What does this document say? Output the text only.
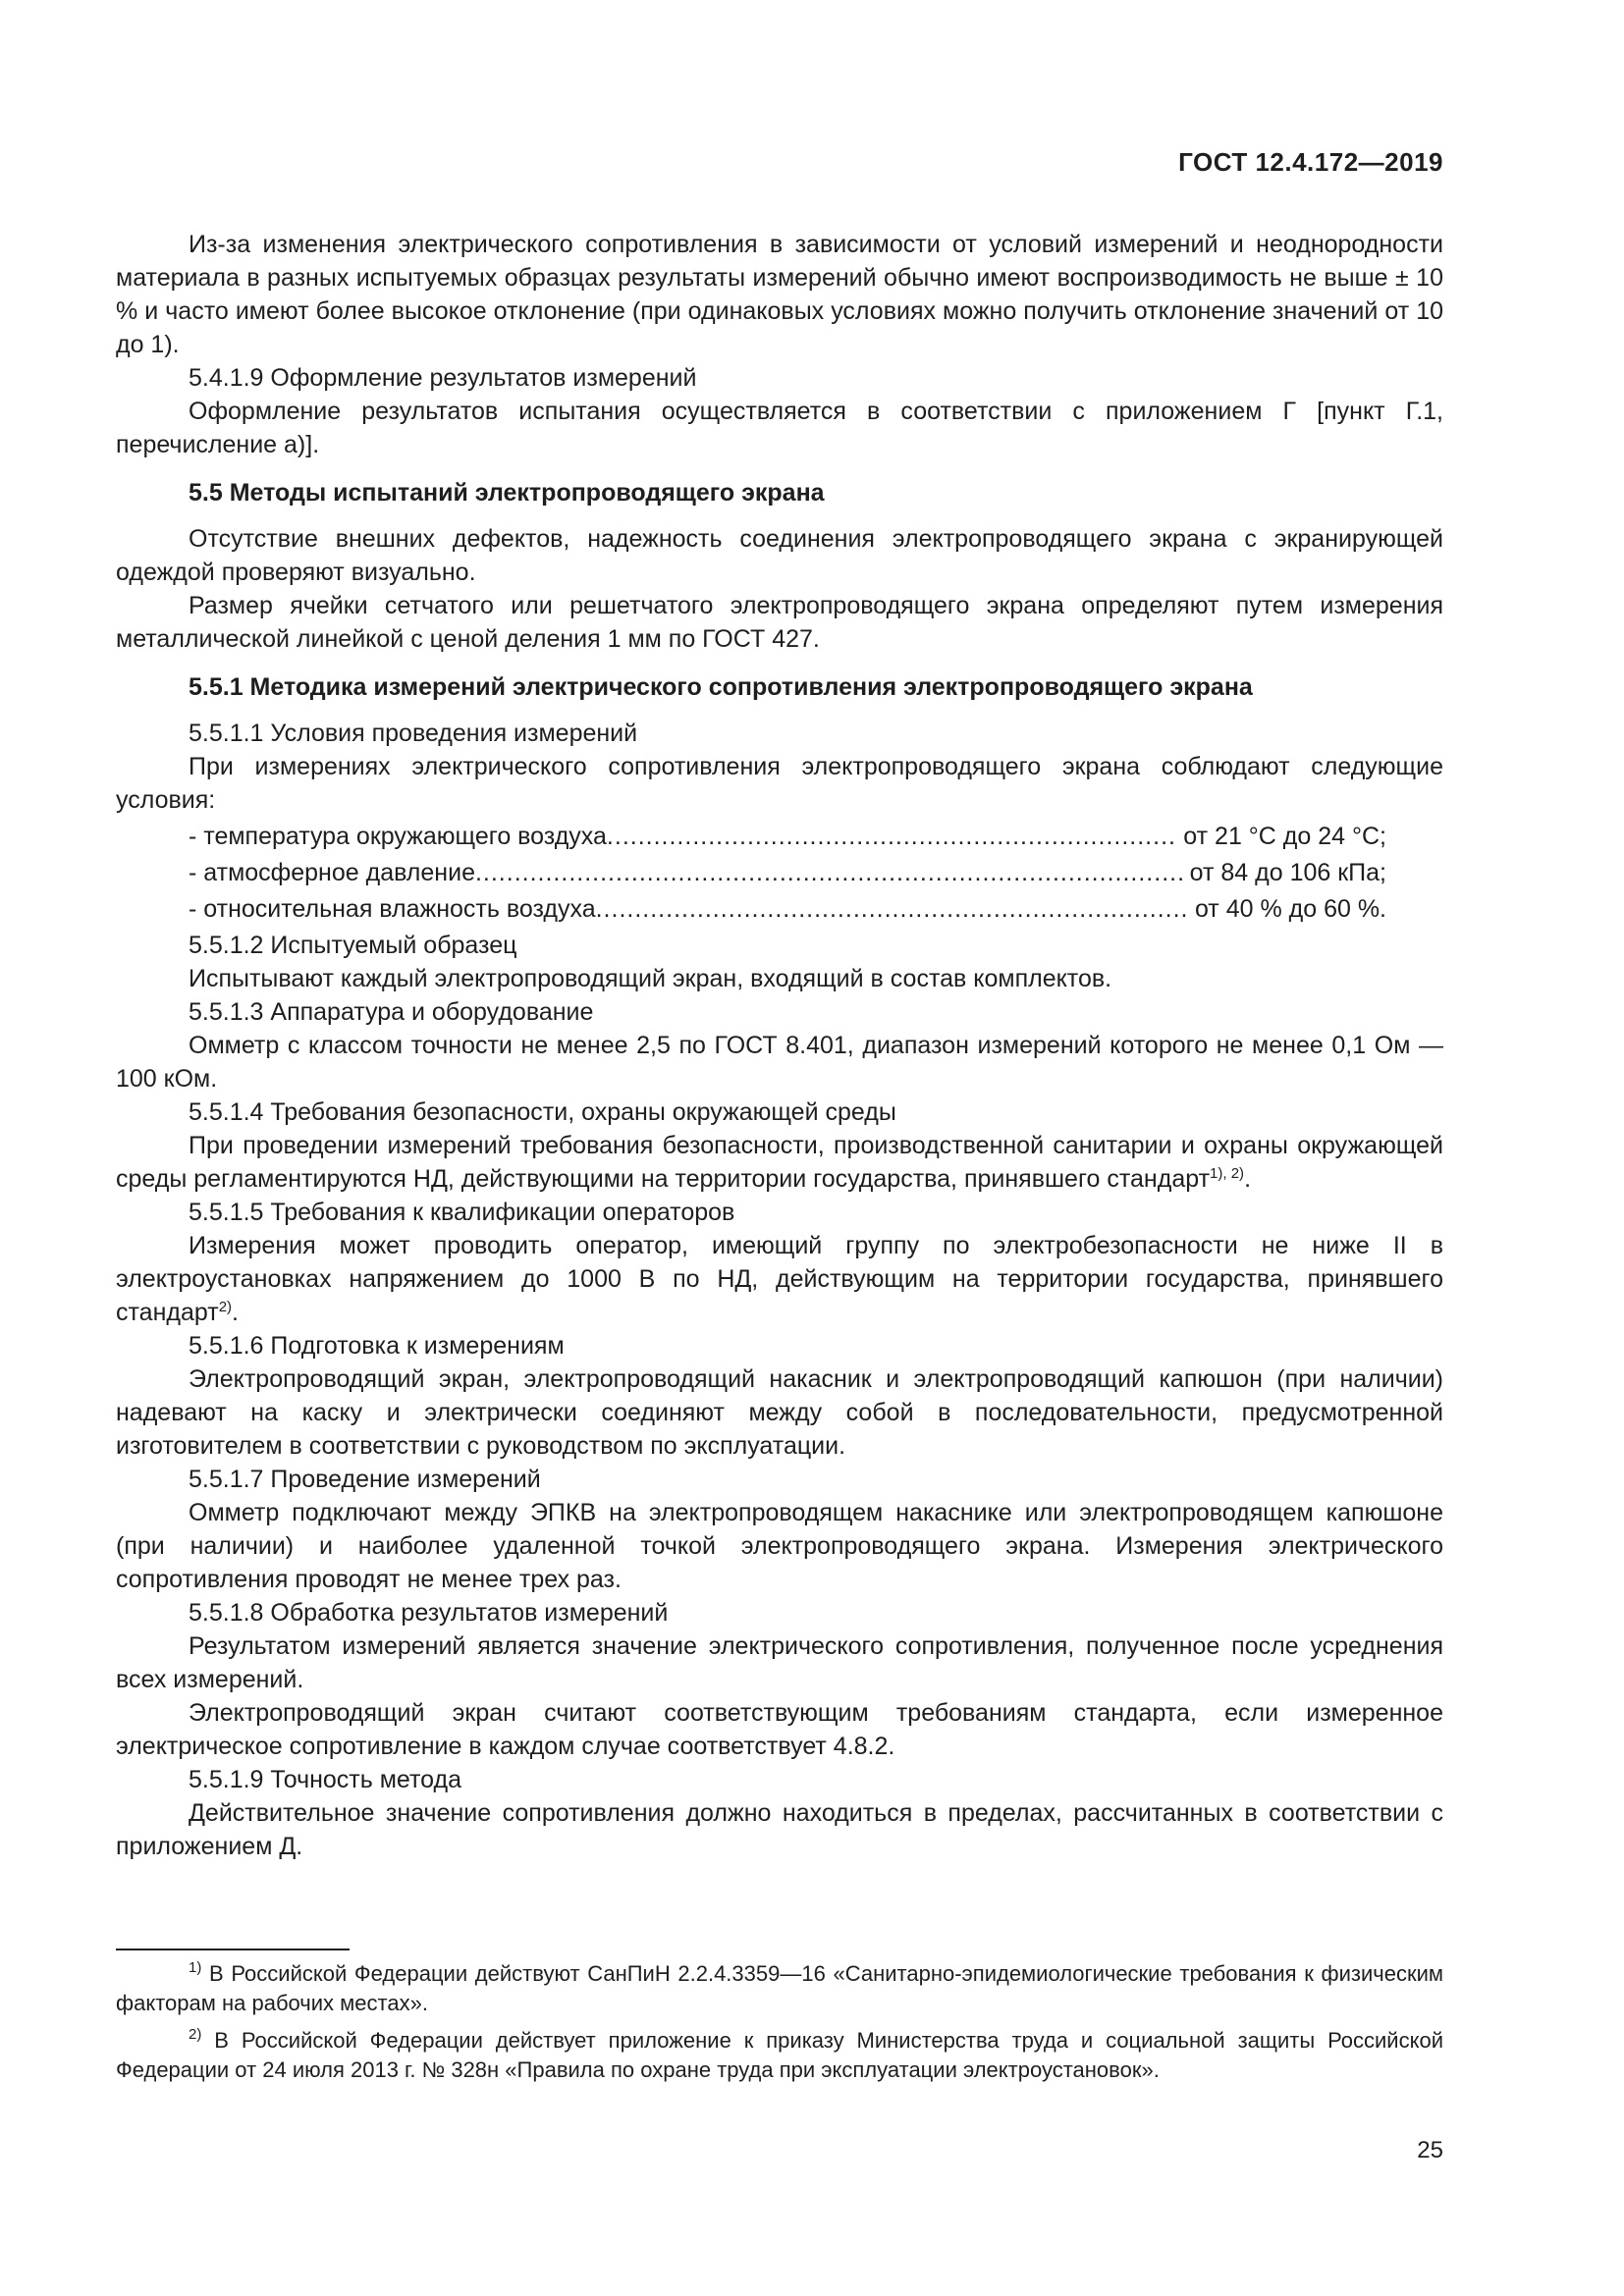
ГОСТ 12.4.172—2019

Из-за изменения электрического сопротивления в зависимости от условий измерений и неоднородности материала в разных испытуемых образцах результаты измерений обычно имеют воспроизводимость не выше ± 10 % и часто имеют более высокое отклонение (при одинаковых условиях можно получить отклонение значений от 10 до 1).

5.4.1.9 Оформление результатов измерений

Оформление результатов испытания осуществляется в соответствии с приложением Г [пункт Г.1, перечисление а)].

5.5 Методы испытаний электропроводящего экрана

Отсутствие внешних дефектов, надежность соединения электропроводящего экрана с экранирующей одеждой проверяют визуально.

Размер ячейки сетчатого или решетчатого электропроводящего экрана определяют путем измерения металлической линейкой с ценой деления 1 мм по ГОСТ 427.

5.5.1 Методика измерений электрического сопротивления электропроводящего экрана

5.5.1.1 Условия проведения измерений

При измерениях электрического сопротивления электропроводящего экрана соблюдают следующие условия:

- температура окружающего воздуха .....	от 21 °С до 24 °С;
- атмосферное давление .....	от 84 до 106 кПа;
- относительная влажность воздуха .....	от 40 % до 60 %.

5.5.1.2 Испытуемый образец

Испытывают каждый электропроводящий экран, входящий в состав комплектов.

5.5.1.3 Аппаратура и оборудование

Омметр с классом точности не менее 2,5 по ГОСТ 8.401, диапазон измерений которого не менее 0,1 Ом — 100 кОм.

5.5.1.4 Требования безопасности, охраны окружающей среды

При проведении измерений требования безопасности, производственной санитарии и охраны окружающей среды регламентируются НД, действующими на территории государства, принявшего стандарт$^{1), 2)}$.

5.5.1.5 Требования к квалификации операторов

Измерения может проводить оператор, имеющий группу по электробезопасности не ниже II в электроустановках напряжением до 1000 В по НД, действующим на территории государства, принявшего стандарт$^{2)}$.

5.5.1.6 Подготовка к измерениям

Электропроводящий экран, электропроводящий накасник и электропроводящий капюшон (при наличии) надевают на каску и электрически соединяют между собой в последовательности, предусмотренной изготовителем в соответствии с руководством по эксплуатации.

5.5.1.7 Проведение измерений

Омметр подключают между ЭПКВ на электропроводящем накаснике или электропроводящем капюшоне (при наличии) и наиболее удаленной точкой электропроводящего экрана. Измерения электрического сопротивления проводят не менее трех раз.

5.5.1.8 Обработка результатов измерений

Результатом измерений является значение электрического сопротивления, полученное после усреднения всех измерений.

Электропроводящий экран считают соответствующим требованиям стандарта, если измеренное электрическое сопротивление в каждом случае соответствует 4.8.2.

5.5.1.9 Точность метода

Действительное значение сопротивления должно находиться в пределах, рассчитанных в соответствии с приложением Д.

$^{1)}$ В Российской Федерации действуют СанПиН 2.2.4.3359—16 «Санитарно-эпидемиологические требования к физическим факторам на рабочих местах».

$^{2)}$ В Российской Федерации действует приложение к приказу Министерства труда и социальной защиты Российской Федерации от 24 июля 2013 г. № 328н «Правила по охране труда при эксплуатации электроустановок».

25
